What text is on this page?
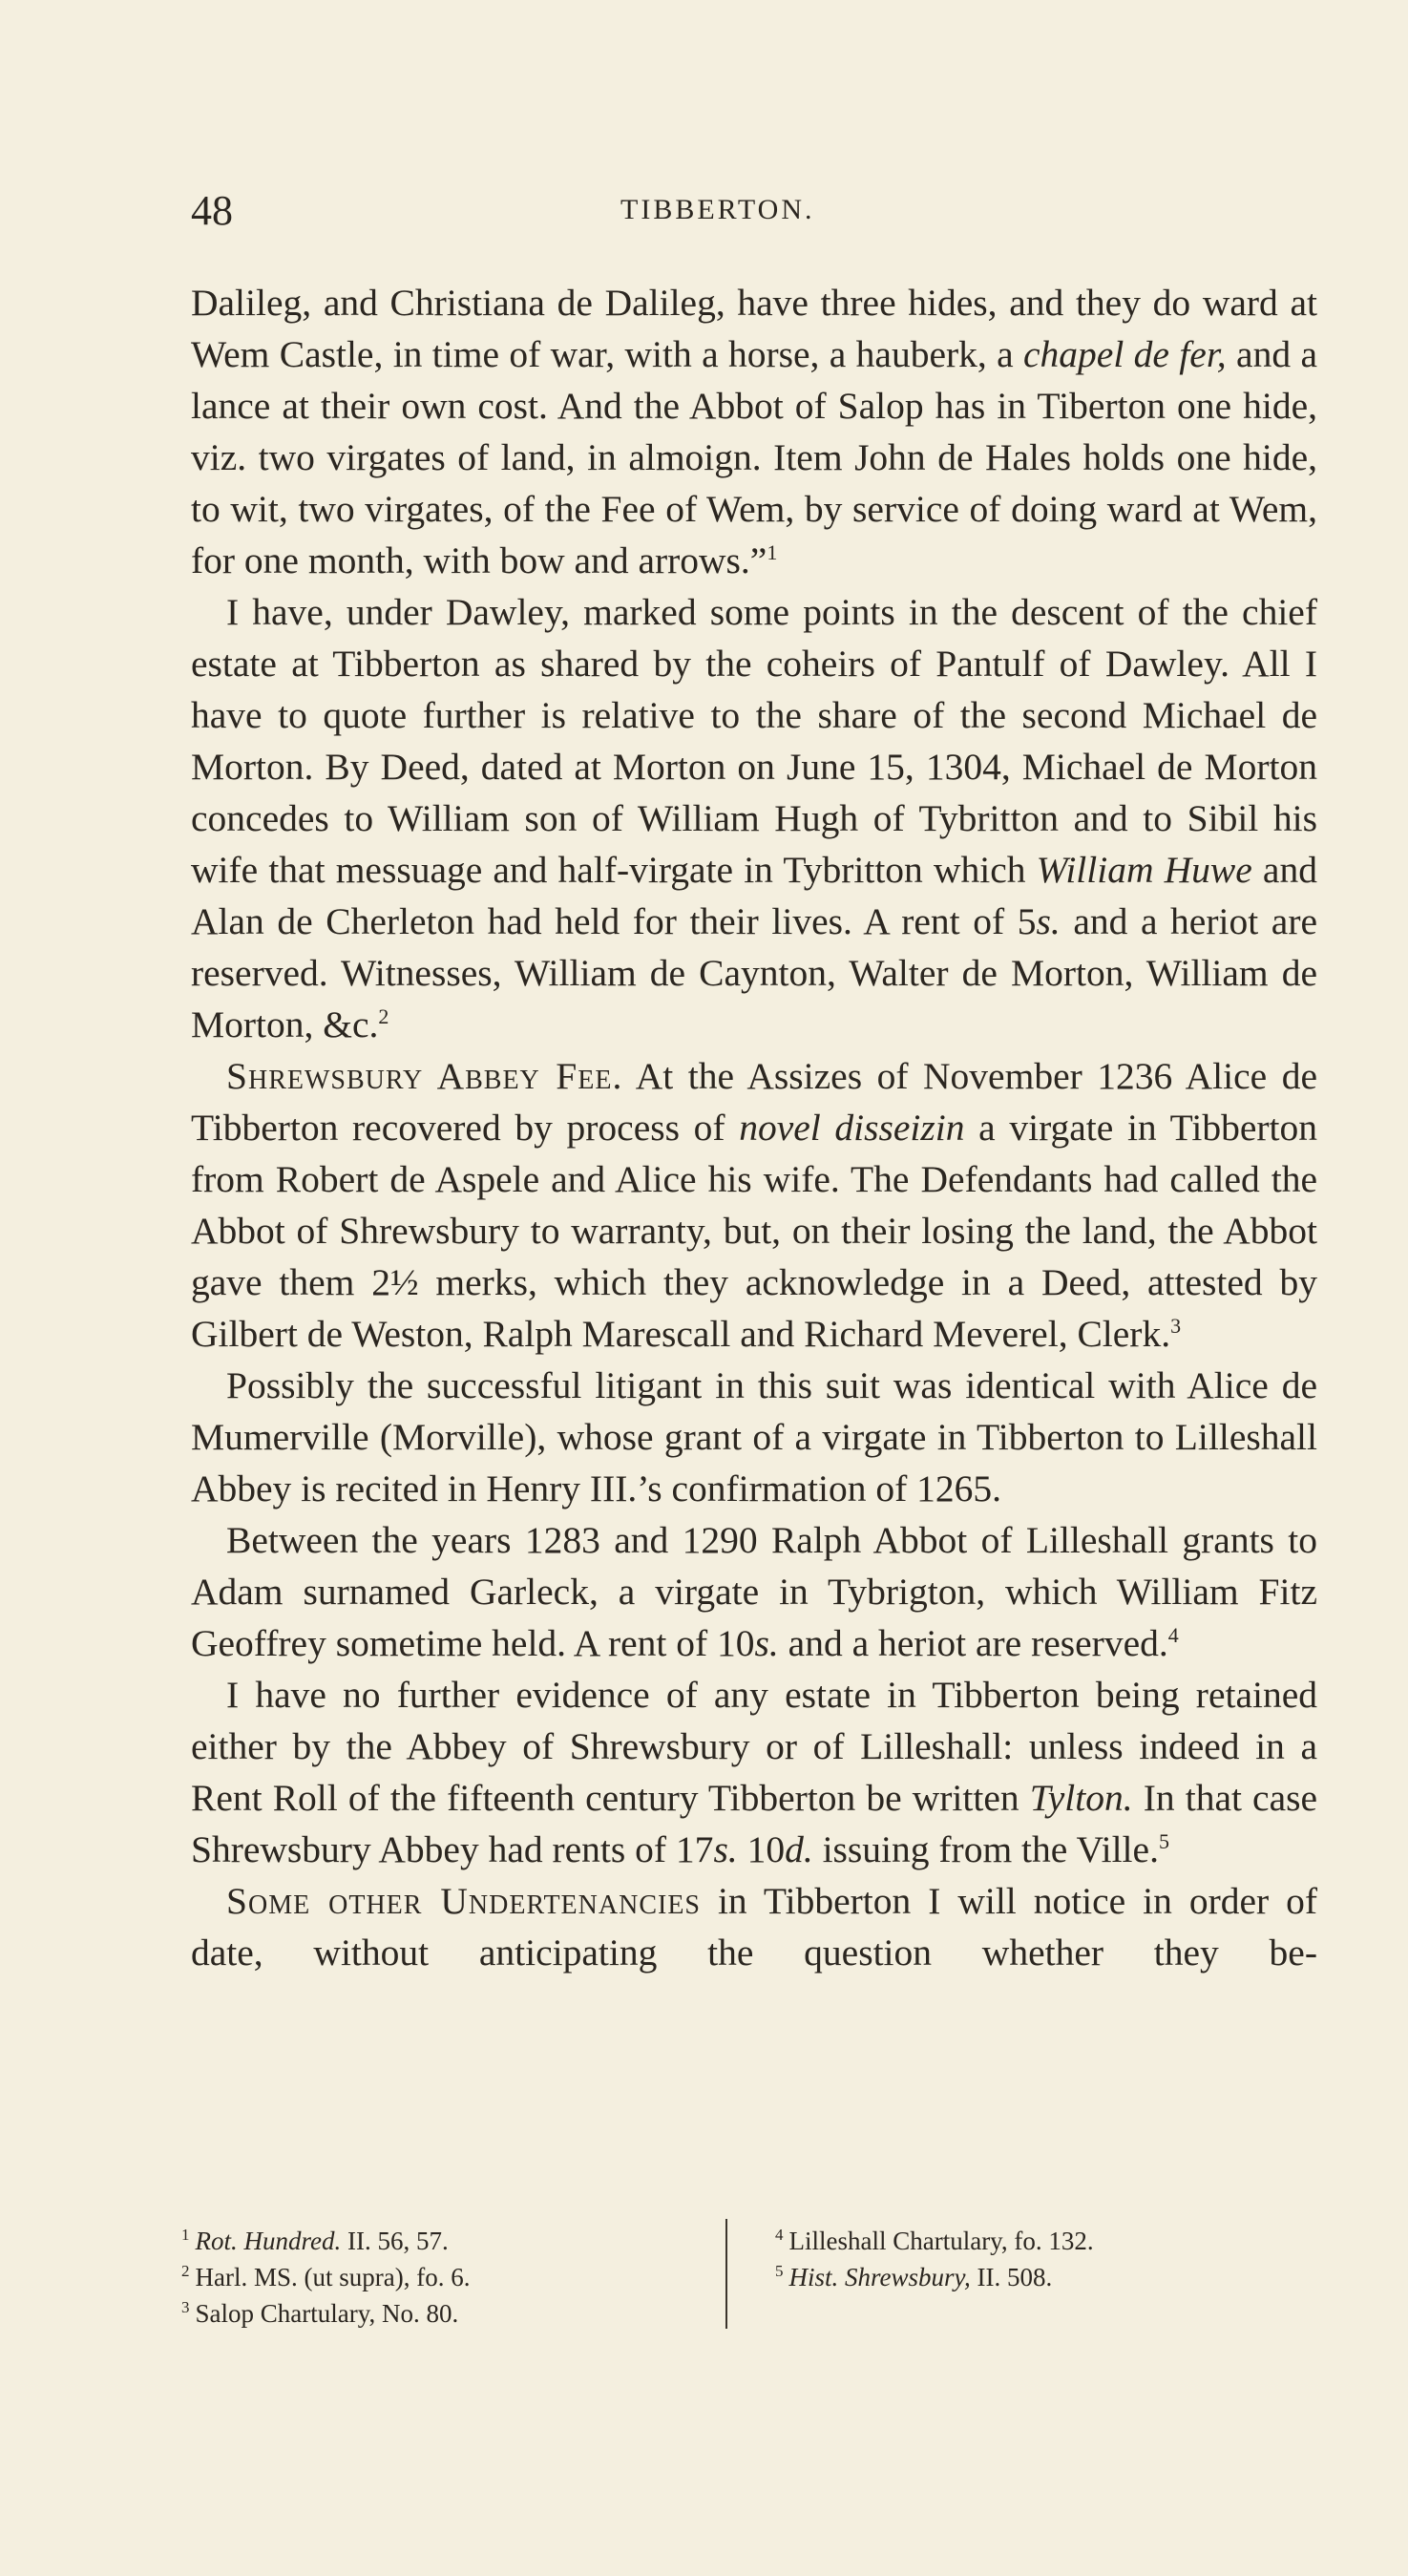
48	TIBBERTON.

Dalileg, and Christiana de Dalileg, have three hides, and they do ward at Wem Castle, in time of war, with a horse, a hauberk, a chapel de fer, and a lance at their own cost. And the Abbot of Salop has in Tiberton one hide, viz. two virgates of land, in almoign. Item John de Hales holds one hide, to wit, two virgates, of the Fee of Wem, by service of doing ward at Wem, for one month, with bow and arrows.”$^1$

I have, under Dawley, marked some points in the descent of the chief estate at Tibberton as shared by the coheirs of Pantulf of Dawley. All I have to quote further is relative to the share of the second Michael de Morton. By Deed, dated at Morton on June 15, 1304, Michael de Morton concedes to William son of William Hugh of Tybritton and to Sibil his wife that messuage and half-virgate in Tybritton which William Huwe and Alan de Cherleton had held for their lives. A rent of 5s. and a heriot are reserved. Witnesses, William de Caynton, Walter de Morton, William de Morton, &c.$^2$

Shrewsbury Abbey Fee. At the Assizes of November 1236 Alice de Tibberton recovered by process of novel disseizin a virgate in Tibberton from Robert de Aspele and Alice his wife. The Defendants had called the Abbot of Shrewsbury to warranty, but, on their losing the land, the Abbot gave them 2½ merks, which they acknowledge in a Deed, attested by Gilbert de Weston, Ralph Marescall and Richard Meverel, Clerk.$^3$

Possibly the successful litigant in this suit was identical with Alice de Mumerville (Morville), whose grant of a virgate in Tibberton to Lilleshall Abbey is recited in Henry III.’s confirmation of 1265.

Between the years 1283 and 1290 Ralph Abbot of Lilleshall grants to Adam surnamed Garleck, a virgate in Tybrigton, which William Fitz Geoffrey sometime held. A rent of 10s. and a heriot are reserved.$^4$

I have no further evidence of any estate in Tibberton being retained either by the Abbey of Shrewsbury or of Lilleshall: unless indeed in a Rent Roll of the fifteenth century Tibberton be written Tylton. In that case Shrewsbury Abbey had rents of 17s. 10d. issuing from the Ville.$^5$

Some other Undertenancies in Tibberton I will notice in order of date, without anticipating the question whether they be-

$^1$ Rot. Hundred. II. 56, 57.
$^2$ Harl. MS. (ut supra), fo. 6.
$^3$ Salop Chartulary, No. 80.
$^4$ Lilleshall Chartulary, fo. 132.
$^5$ Hist. Shrewsbury, II. 508.
